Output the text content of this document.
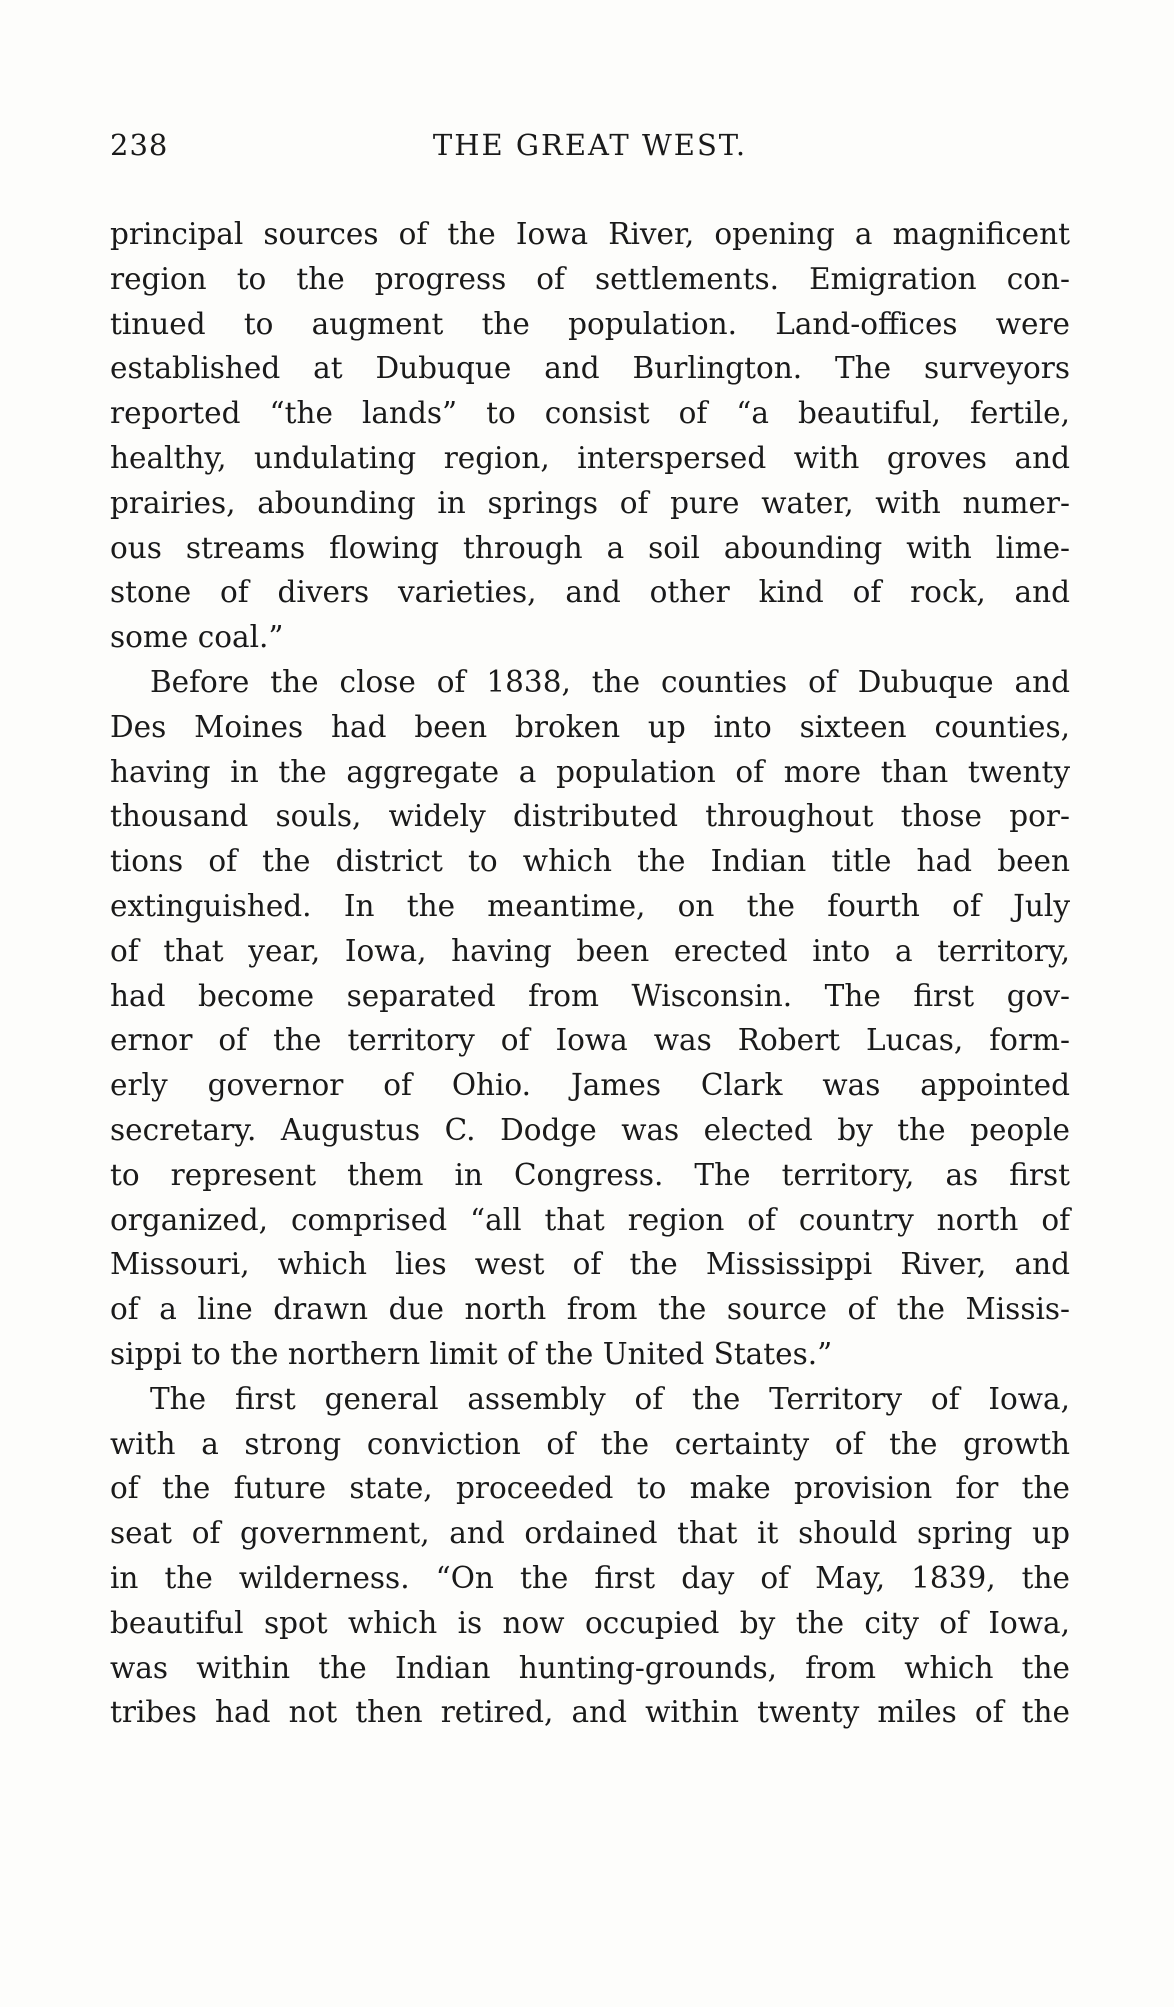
238	THE GREAT WEST.
principal sources of the Iowa River, opening a magnificent
region to the progress of settlements. Emigration con-
tinued to augment the population. Land-offices were
established at Dubuque and Burlington. The surveyors
reported “the lands” to consist of “a beautiful, fertile,
healthy, undulating region, interspersed with groves and
prairies, abounding in springs of pure water, with numer-
ous streams flowing through a soil abounding with lime-
stone of divers varieties, and other kind of rock, and
some coal.”
Before the close of 1838, the counties of Dubuque and
Des Moines had been broken up into sixteen counties,
having in the aggregate a population of more than twenty
thousand souls, widely distributed throughout those por-
tions of the district to which the Indian title had been
extinguished. In the meantime, on the fourth of July
of that year, Iowa, having been erected into a territory,
had become separated from Wisconsin. The first gov-
ernor of the territory of Iowa was Robert Lucas, form-
erly governor of Ohio. James Clark was appointed
secretary. Augustus C. Dodge was elected by the people
to represent them in Congress. The territory, as first
organized, comprised “all that region of country north of
Missouri, which lies west of the Mississippi River, and
of a line drawn due north from the source of the Missis-
sippi to the northern limit of the United States.”
The first general assembly of the Territory of Iowa,
with a strong conviction of the certainty of the growth
of the future state, proceeded to make provision for the
seat of government, and ordained that it should spring up
in the wilderness. “On the first day of May, 1839, the
beautiful spot which is now occupied by the city of Iowa,
was within the Indian hunting-grounds, from which the
tribes had not then retired, and within twenty miles of the
